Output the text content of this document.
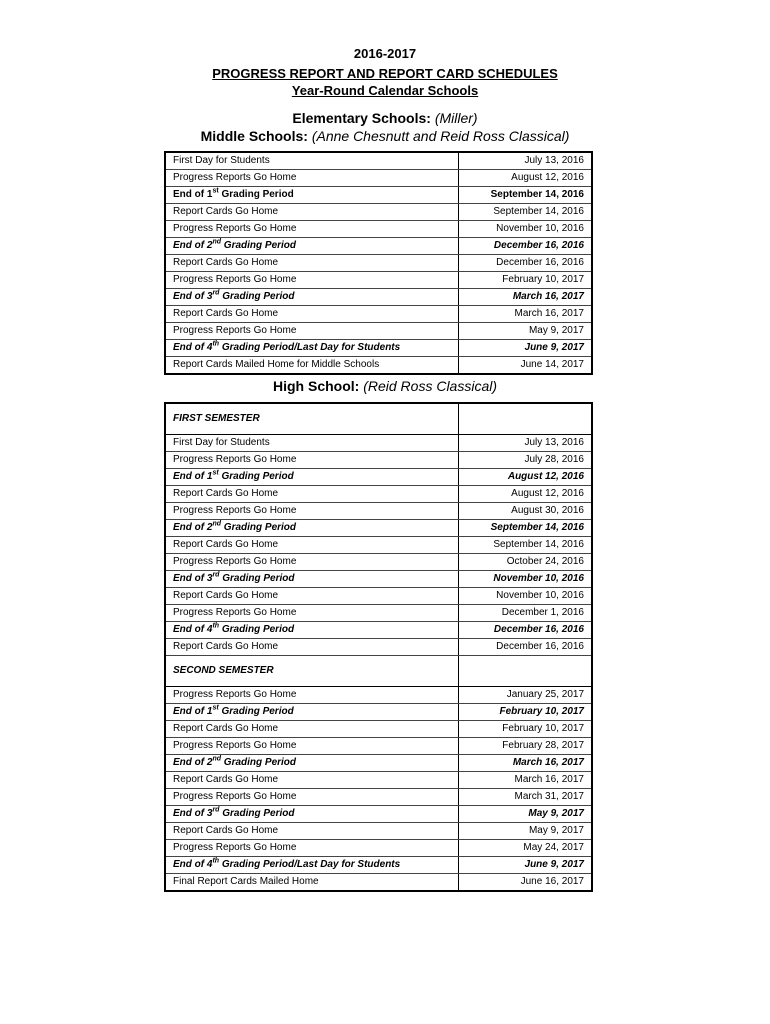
2016-2017
PROGRESS REPORT AND REPORT CARD SCHEDULES
Year-Round Calendar Schools
Elementary Schools: (Miller)
Middle Schools: (Anne Chesnutt and Reid Ross Classical)
First Day for Students	July 13, 2016
Progress Reports Go Home	August 12, 2016
End of 1st Grading Period	September 14, 2016
Report Cards Go Home	September 14, 2016
Progress Reports Go Home	November 10, 2016
End of 2nd Grading Period	December 16, 2016
Report Cards Go Home	December 16, 2016
Progress Reports Go Home	February 10, 2017
End of 3rd Grading Period	March 16, 2017
Report Cards Go Home	March 16, 2017
Progress Reports Go Home	May 9, 2017
End of 4th Grading Period/Last Day for Students	June 9, 2017
Report Cards Mailed Home for Middle Schools	June 14, 2017
High School: (Reid Ross Classical)
FIRST SEMESTER	
First Day for Students	July 13, 2016
Progress Reports Go Home	July 28, 2016
End of 1st Grading Period	August 12, 2016
Report Cards Go Home	August 12, 2016
Progress Reports Go Home	August 30, 2016
End of 2nd Grading Period	September 14, 2016
Report Cards Go Home	September 14, 2016
Progress Reports Go Home	October 24, 2016
End of 3rd Grading Period	November 10, 2016
Report Cards Go Home	November 10, 2016
Progress Reports Go Home	December 1, 2016
End of 4th Grading Period	December 16, 2016
Report Cards Go Home	December 16, 2016
SECOND SEMESTER	
Progress Reports Go Home	January 25, 2017
End of 1st Grading Period	February 10, 2017
Report Cards Go Home	February 10, 2017
Progress Reports Go Home	February 28, 2017
End of 2nd Grading Period	March 16, 2017
Report Cards Go Home	March 16, 2017
Progress Reports Go Home	March 31, 2017
End of 3rd Grading Period	May 9, 2017
Report Cards Go Home	May 9, 2017
Progress Reports Go Home	May 24, 2017
End of 4th Grading Period/Last Day for Students	June 9, 2017
Final Report Cards Mailed Home	June 16, 2017
